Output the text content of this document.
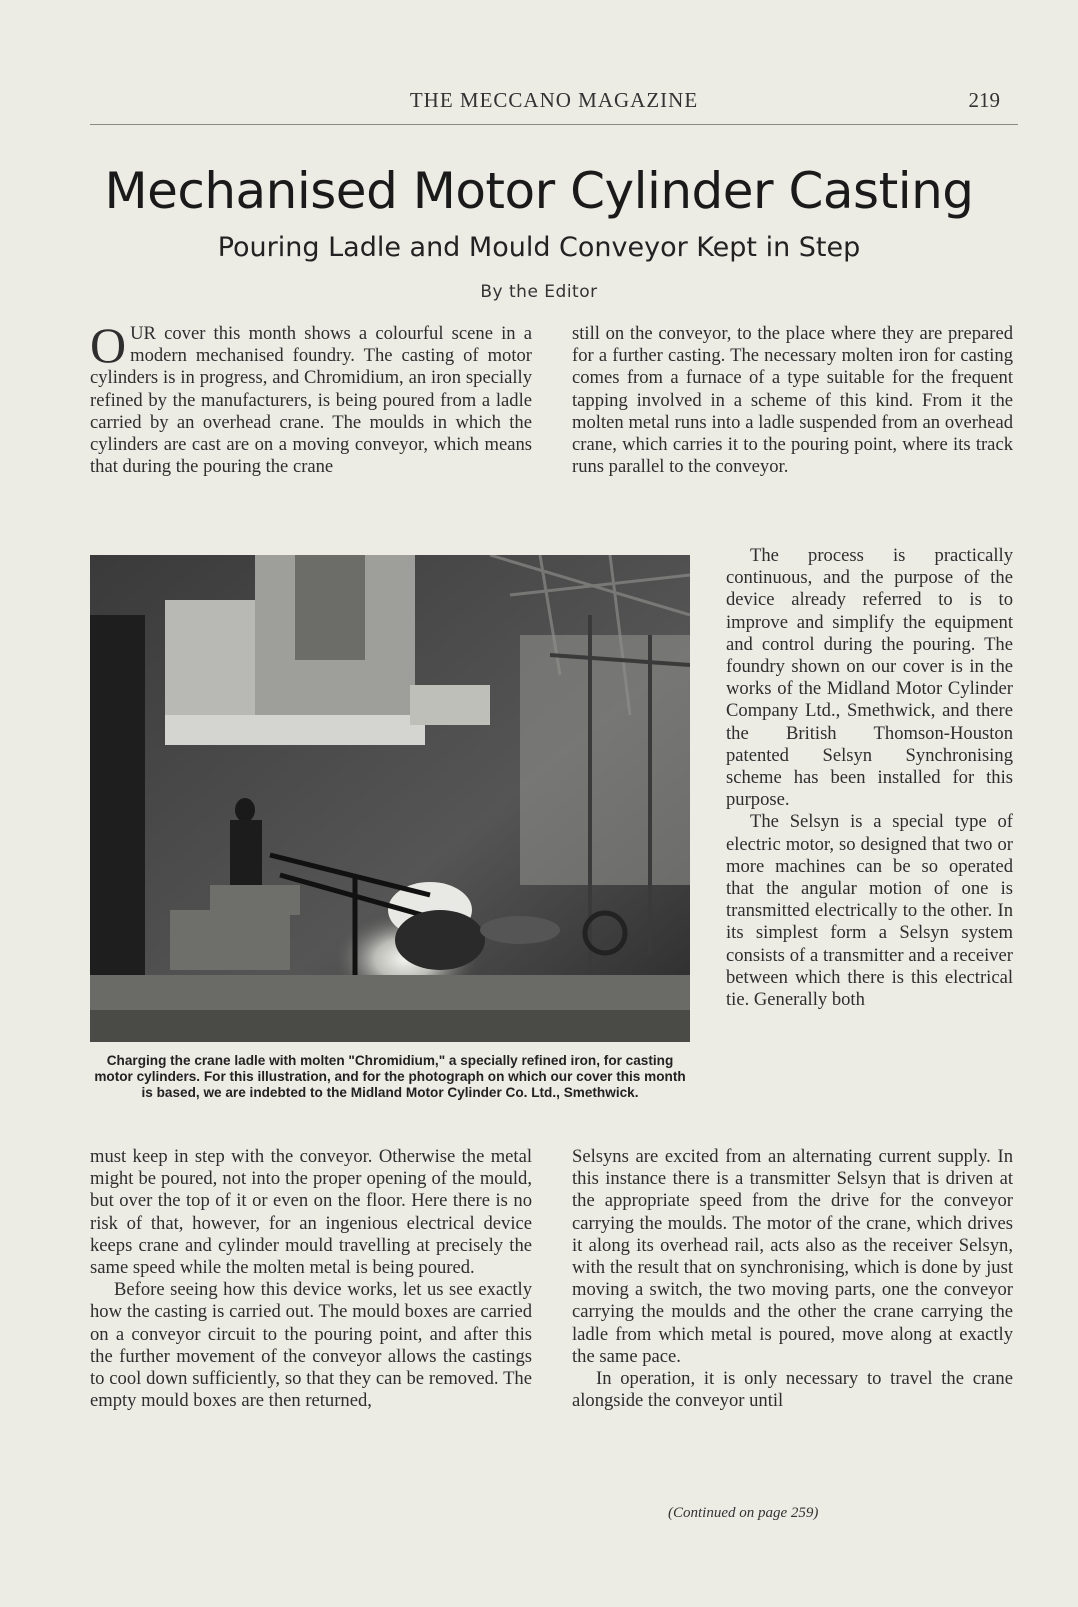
THE MECCANO MAGAZINE	219
Mechanised Motor Cylinder Casting
Pouring Ladle and Mould Conveyor Kept in Step
By the Editor

OUR cover this month shows a colourful scene in a modern mechanised foundry. The casting of motor cylinders is in progress, and Chromidium, an iron specially refined by the manufacturers, is being poured from a ladle carried by an overhead crane. The moulds in which the cylinders are cast are on a moving conveyor, which means that during the pouring the crane

still on the conveyor, to the place where they are prepared for a further casting. The necessary molten iron for casting comes from a furnace of a type suitable for the frequent tapping involved in a scheme of this kind. From it the molten metal runs into a ladle suspended from an overhead crane, which carries it to the pouring point, where its track runs parallel to the conveyor.

Charging the crane ladle with molten "Chromidium," a specially refined iron, for casting motor cylinders. For this illustration, and for the photograph on which our cover this month is based, we are indebted to the Midland Motor Cylinder Co. Ltd., Smethwick.

The process is practically continuous, and the purpose of the device already referred to is to improve and simplify the equipment and control during the pouring. The foundry shown on our cover is in the works of the Midland Motor Cylinder Company Ltd., Smethwick, and there the British Thomson-Houston patented Selsyn Synchronising scheme has been installed for this purpose.

The Selsyn is a special type of electric motor, so designed that two or more machines can be so operated that the angular motion of one is transmitted electrically to the other. In its simplest form a Selsyn system consists of a transmitter and a receiver between which there is this electrical tie. Generally both

must keep in step with the conveyor. Otherwise the metal might be poured, not into the proper opening of the mould, but over the top of it or even on the floor. Here there is no risk of that, however, for an ingenious electrical device keeps crane and cylinder mould travelling at precisely the same speed while the molten metal is being poured.

Before seeing how this device works, let us see exactly how the casting is carried out. The mould boxes are carried on a conveyor circuit to the pouring point, and after this the further movement of the conveyor allows the castings to cool down sufficiently, so that they can be removed. The empty mould boxes are then returned,

Selsyns are excited from an alternating current supply. In this instance there is a transmitter Selsyn that is driven at the appropriate speed from the drive for the conveyor carrying the moulds. The motor of the crane, which drives it along its overhead rail, acts also as the receiver Selsyn, with the result that on synchronising, which is done by just moving a switch, the two moving parts, one the conveyor carrying the moulds and the other the crane carrying the ladle from which metal is poured, move along at exactly the same pace.

In operation, it is only necessary to travel the crane alongside the conveyor until

(Continued on page 259)
